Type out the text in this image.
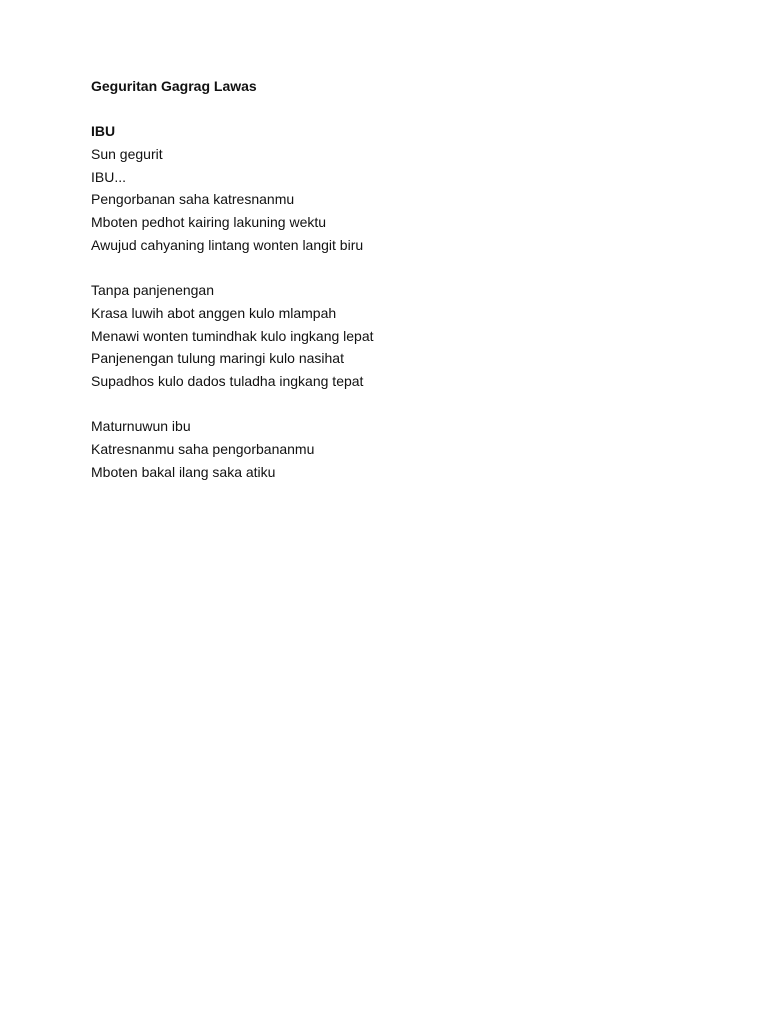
Geguritan Gagrag Lawas
IBU
Sun gegurit
IBU...
Pengorbanan saha katresnanmu
Mboten pedhot kairing lakuning wektu
Awujud cahyaning lintang wonten langit biru
Tanpa panjenengan
Krasa luwih abot anggen kulo mlampah
Menawi wonten tumindhak kulo ingkang lepat
Panjenengan tulung maringi kulo nasihat
Supadhos kulo dados tuladha ingkang tepat
Maturnuwun ibu
Katresnanmu saha pengorbananmu
Mboten bakal ilang saka atiku
